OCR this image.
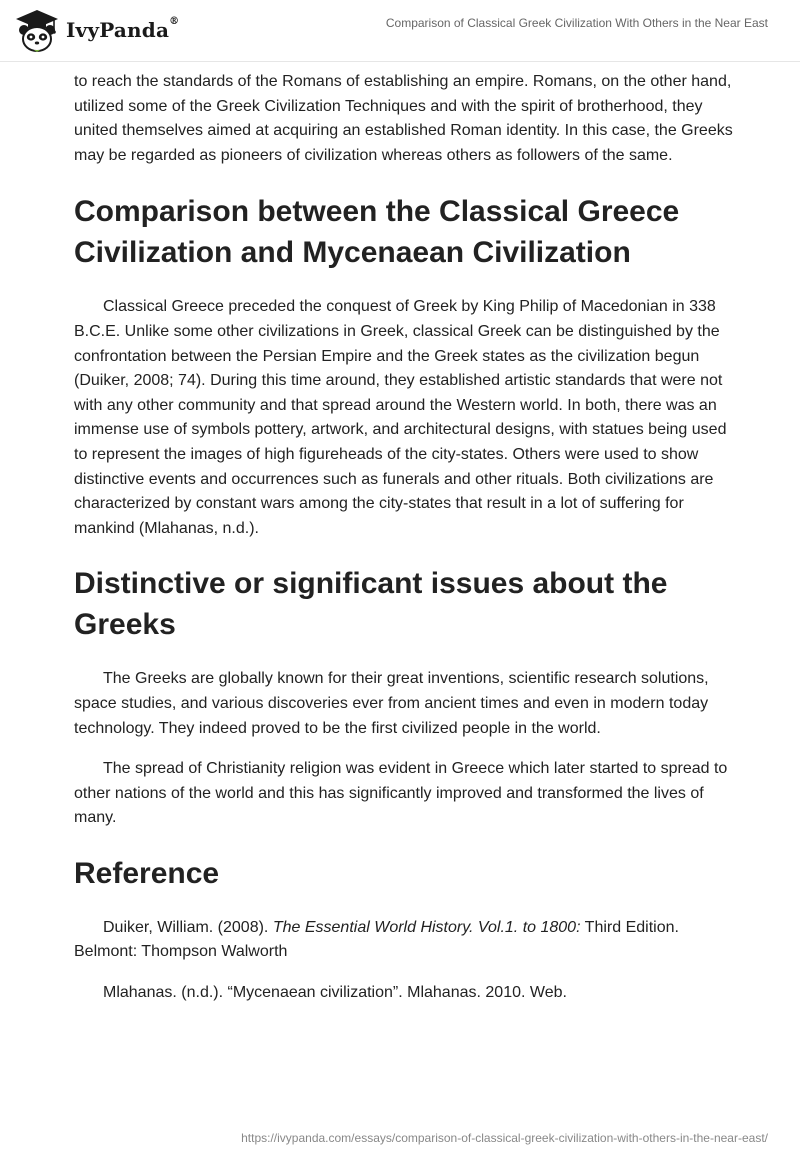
IvyPanda®	Comparison of Classical Greek Civilization With Others in the Near East

to reach the standards of the Romans of establishing an empire. Romans, on the other hand, utilized some of the Greek Civilization Techniques and with the spirit of brotherhood, they united themselves aimed at acquiring an established Roman identity. In this case, the Greeks may be regarded as pioneers of civilization whereas others as followers of the same.

Comparison between the Classical Greece Civilization and Mycenaean Civilization

Classical Greece preceded the conquest of Greek by King Philip of Macedonian in 338 B.C.E. Unlike some other civilizations in Greek, classical Greek can be distinguished by the confrontation between the Persian Empire and the Greek states as the civilization begun (Duiker, 2008; 74). During this time around, they established artistic standards that were not with any other community and that spread around the Western world. In both, there was an immense use of symbols pottery, artwork, and architectural designs, with statues being used to represent the images of high figureheads of the city-states. Others were used to show distinctive events and occurrences such as funerals and other rituals. Both civilizations are characterized by constant wars among the city-states that result in a lot of suffering for mankind (Mlahanas, n.d.).

Distinctive or significant issues about the Greeks

The Greeks are globally known for their great inventions, scientific research solutions, space studies, and various discoveries ever from ancient times and even in modern today technology. They indeed proved to be the first civilized people in the world.

The spread of Christianity religion was evident in Greece which later started to spread to other nations of the world and this has significantly improved and transformed the lives of many.

Reference

Duiker, William. (2008). The Essential World History. Vol.1. to 1800: Third Edition. Belmont: Thompson Walworth

Mlahanas. (n.d.). “Mycenaean civilization”. Mlahanas. 2010. Web.

https://ivypanda.com/essays/comparison-of-classical-greek-civilization-with-others-in-the-near-east/
